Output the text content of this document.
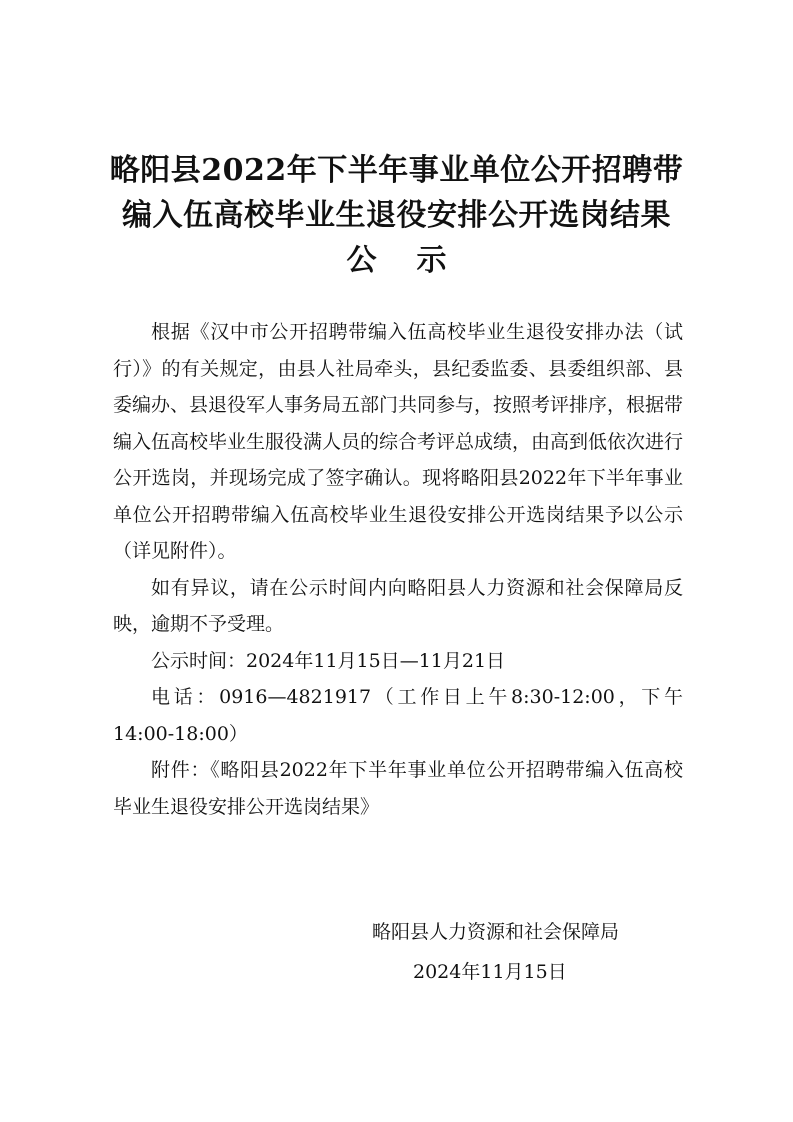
略阳县2022年下半年事业单位公开招聘带
编入伍高校毕业生退役安排公开选岗结果
公示

根据《汉中市公开招聘带编入伍高校毕业生退役安排办法（试行）》的有关规定，由县人社局牵头，县纪委监委、县委组织部、县委编办、县退役军人事务局五部门共同参与，按照考评排序，根据带编入伍高校毕业生服役满人员的综合考评总成绩，由高到低依次进行公开选岗，并现场完成了签字确认。现将略阳县2022年下半年事业单位公开招聘带编入伍高校毕业生退役安排公开选岗结果予以公示（详见附件）。

如有异议，请在公示时间内向略阳县人力资源和社会保障局反映，逾期不予受理。

公示时间：2024年11月15日—11月21日

电话：0916—4821917（工作日上午8:30-12:00，下午14:00-18:00）

附件：《略阳县2022年下半年事业单位公开招聘带编入伍高校毕业生退役安排公开选岗结果》

略阳县人力资源和社会保障局
2024年11月15日
